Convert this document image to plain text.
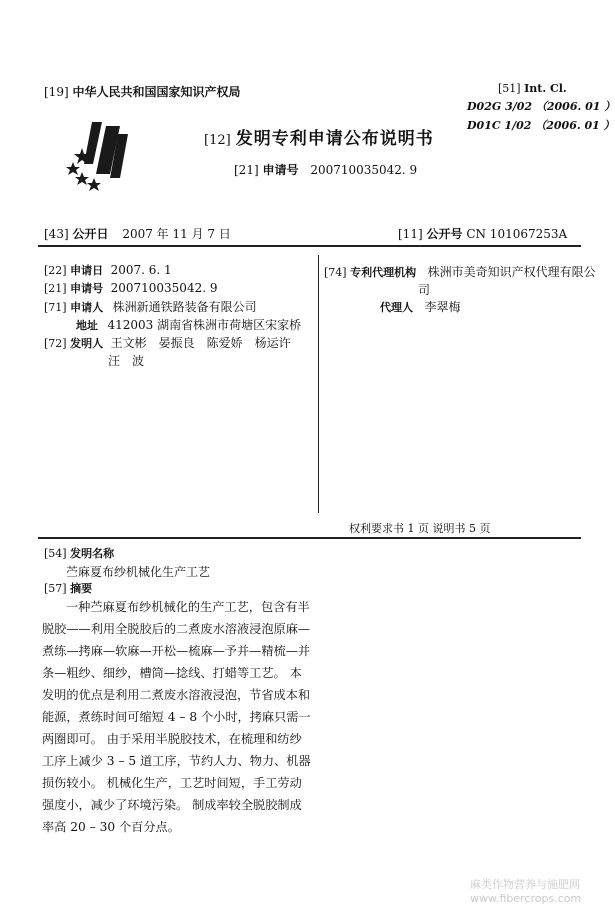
[19] 中华人民共和国国家知识产权局
[12] 发明专利申请公布说明书
[21] 申请号 200710035042. 9
[51] Int. Cl.
D02G 3/02 （2006. 01 ）
D01C 1/02 （2006. 01 ）
[43] 公开日 2007 年 11 月 7 日	[11] 公开号 CN 101067253A
[22] 申请日 2007. 6. 1
[21] 申请号 200710035042. 9
[71] 申请人 株洲新通铁路装备有限公司
地址 412003 湖南省株洲市荷塘区宋家桥
[72] 发明人 王文彬　晏振良　陈爱娇　杨运许
汪　波
[74] 专利代理机构 株洲市美奇知识产权代理有限公
司
代理人 李翠梅
权利要求书 1 页 说明书 5 页
[54] 发明名称
苎麻夏布纱机械化生产工艺
[57] 摘要
一种苎麻夏布纱机械化的生产工艺，包含有半脱胶——利用全脱胶后的二煮废水溶液浸泡原麻—煮练—拷麻—软麻—开松—梳麻—予并—精梳—并条—粗纱、细纱，槽筒—捻线、打蜡等工艺。 本发明的优点是利用二煮废水溶液浸泡，节省成本和能源，煮练时间可缩短 4 – 8 个小时，拷麻只需一两圈即可。 由于采用半脱胶技术，在梳理和纺纱工序上减少 3 – 5 道工序，节约人力、物力、机器损伤较小。 机械化生产，工艺时间短，手工劳动强度小，减少了环境污染。 制成率较全脱胶制成率高 20 – 30 个百分点。
麻类作物营养与施肥网
www.fibercrops.com
